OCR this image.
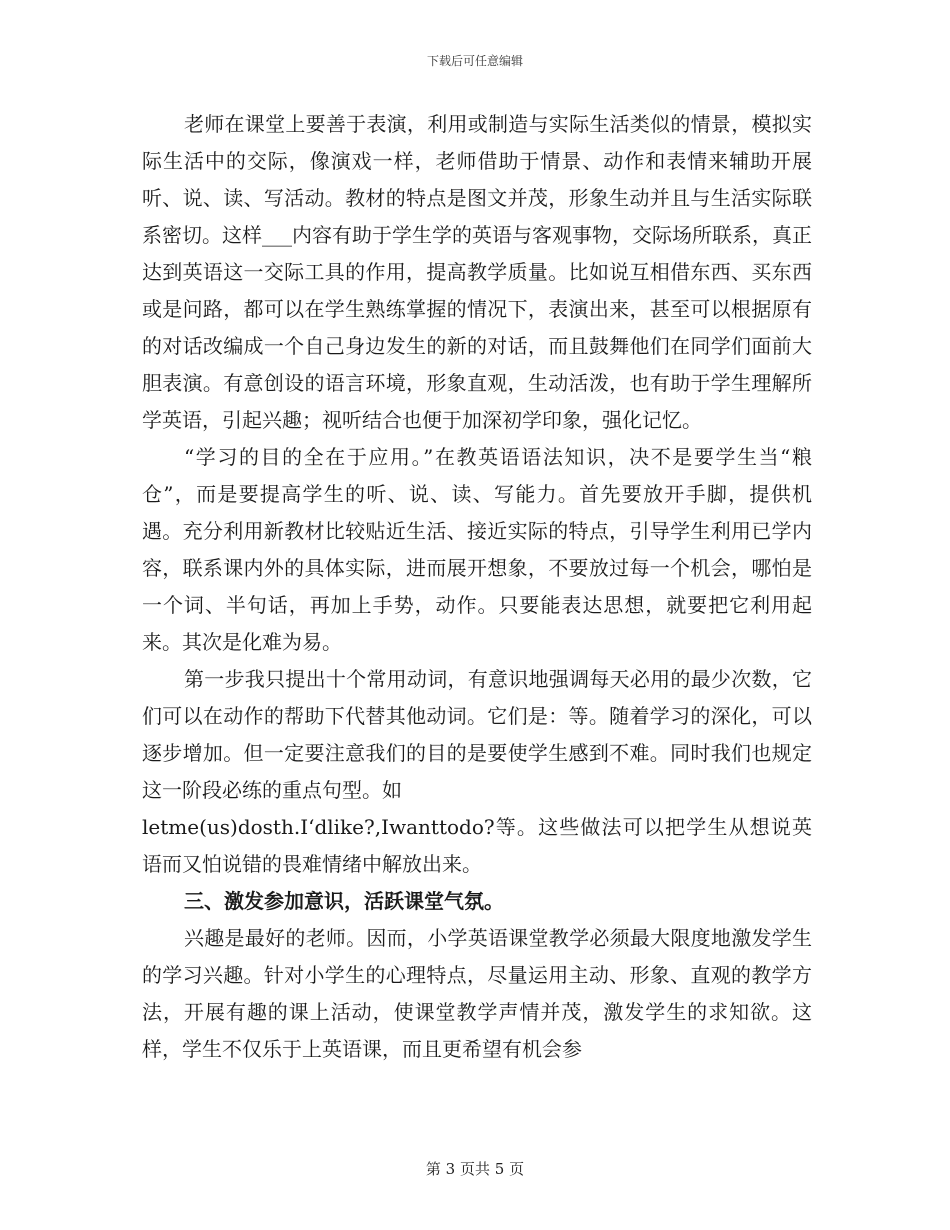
下载后可任意编辑

老师在课堂上要善于表演，利用或制造与实际生活类似的情景，模拟实际生活中的交际，像演戏一样，老师借助于情景、动作和表情来辅助开展听、说、读、写活动。教材的特点是图文并茂，形象生动并且与生活实际联系密切。这样___内容有助于学生学的英语与客观事物，交际场所联系，真正达到英语这一交际工具的作用，提高教学质量。比如说互相借东西、买东西或是问路，都可以在学生熟练掌握的情况下，表演出来，甚至可以根据原有的对话改编成一个自己身边发生的新的对话，而且鼓舞他们在同学们面前大胆表演。有意创设的语言环境，形象直观，生动活泼，也有助于学生理解所学英语，引起兴趣；视听结合也便于加深初学印象，强化记忆。

“学习的目的全在于应用。”在教英语语法知识，决不是要学生当“粮仓”，而是要提高学生的听、说、读、写能力。首先要放开手脚，提供机遇。充分利用新教材比较贴近生活、接近实际的特点，引导学生利用已学内容，联系课内外的具体实际，进而展开想象，不要放过每一个机会，哪怕是一个词、半句话，再加上手势，动作。只要能表达思想，就要把它利用起来。其次是化难为易。

第一步我只提出十个常用动词，有意识地强调每天必用的最少次数，它们可以在动作的帮助下代替其他动词。它们是：等。随着学习的深化，可以逐步增加。但一定要注意我们的目的是要使学生感到不难。同时我们也规定这一阶段必练的重点句型。如

letme(us)dosth.I‘dlike?,Iwanttodo?等。这些做法可以把学生从想说英语而又怕说错的畏难情绪中解放出来。

三、激发参加意识，活跃课堂气氛。

兴趣是最好的老师。因而，小学英语课堂教学必须最大限度地激发学生的学习兴趣。针对小学生的心理特点，尽量运用主动、形象、直观的教学方法，开展有趣的课上活动，使课堂教学声情并茂，激发学生的求知欲。这样，学生不仅乐于上英语课，而且更希望有机会参

第 3 页共 5 页
